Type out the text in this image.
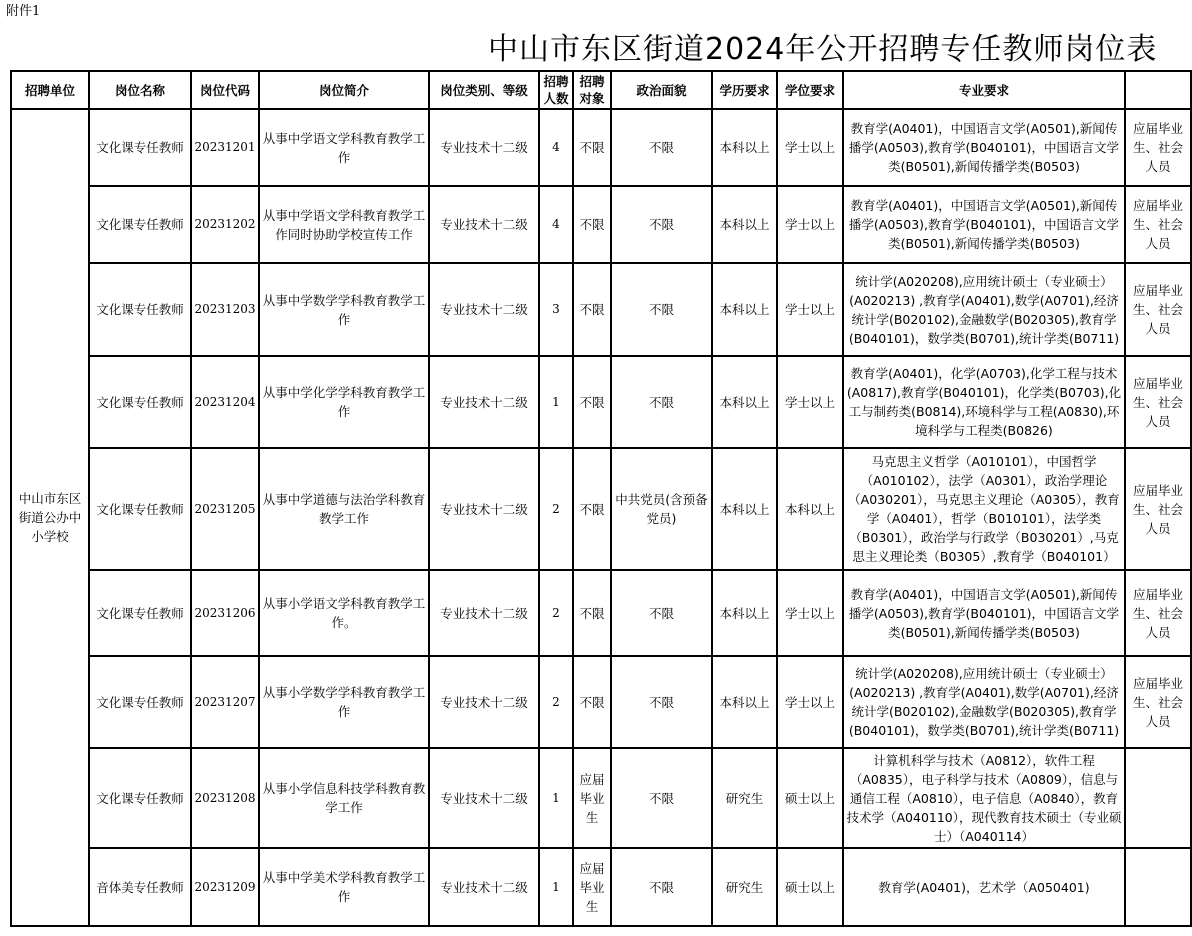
附件1
中山市东区街道2024年公开招聘专任教师岗位表
招聘单位	岗位名称	岗位代码	岗位简介	岗位类别、等级	招聘人数	招聘对象	政治面貌	学历要求	学位要求	专业要求	
中山市东区街道公办中小学校	文化课专任教师	20231201	从事中学语文学科教育教学工作	专业技术十二级	4	不限	不限	本科以上	学士以上	教育学(A0401)，中国语言文学(A0501),新闻传播学(A0503),教育学(B040101)，中国语言文学类(B0501),新闻传播学类(B0503)	应届毕业生、社会人员
	文化课专任教师	20231202	从事中学语文学科教育教学工作同时协助学校宣传工作	专业技术十二级	4	不限	不限	本科以上	学士以上	教育学(A0401)，中国语言文学(A0501),新闻传播学(A0503),教育学(B040101)，中国语言文学类(B0501),新闻传播学类(B0503)	应届毕业生、社会人员
	文化课专任教师	20231203	从事中学数学学科教育教学工作	专业技术十二级	3	不限	不限	本科以上	学士以上	统计学(A020208),应用统计硕士（专业硕士）(A020213) ,教育学(A0401),数学(A0701),经济统计学(B020102),金融数学(B020305),教育学(B040101)，数学类(B0701),统计学类(B0711)	应届毕业生、社会人员
	文化课专任教师	20231204	从事中学化学学科教育教学工作	专业技术十二级	1	不限	不限	本科以上	学士以上	教育学(A0401)，化学(A0703),化学工程与技术(A0817),教育学(B040101)，化学类(B0703),化工与制药类(B0814),环境科学与工程(A0830),环境科学与工程类(B0826)	应届毕业生、社会人员
	文化课专任教师	20231205	从事中学道德与法治学科教育教学工作	专业技术十二级	2	不限	中共党员(含预备党员)	本科以上	本科以上	马克思主义哲学（A010101），中国哲学（A010102），法学（A0301），政治学理论（A030201），马克思主义理论（A0305），教育学（A0401），哲学（B010101），法学类（B0301），政治学与行政学（B030201）,马克思主义理论类（B0305）,教育学（B040101）	应届毕业生、社会人员
	文化课专任教师	20231206	从事小学语文学科教育教学工作。	专业技术十二级	2	不限	不限	本科以上	学士以上	教育学(A0401)，中国语言文学(A0501),新闻传播学(A0503),教育学(B040101)，中国语言文学类(B0501),新闻传播学类(B0503)	应届毕业生、社会人员
	文化课专任教师	20231207	从事小学数学学科教育教学工作	专业技术十二级	2	不限	不限	本科以上	学士以上	统计学(A020208),应用统计硕士（专业硕士）(A020213) ,教育学(A0401),数学(A0701),经济统计学(B020102),金融数学(B020305),教育学(B040101)，数学类(B0701),统计学类(B0711)	应届毕业生、社会人员
	文化课专任教师	20231208	从事小学信息科技学科教育教学工作	专业技术十二级	1	应届毕业生	不限	研究生	硕士以上	计算机科学与技术（A0812），软件工程（A0835），电子科学与技术（A0809），信息与通信工程（A0810），电子信息（A0840），教育技术学（A040110），现代教育技术硕士（专业硕士）（A040114）	
	音体美专任教师	20231209	从事中学美术学科教育教学工作	专业技术十二级	1	应届毕业生	不限	研究生	硕士以上	教育学(A0401)，艺术学（A050401)	
